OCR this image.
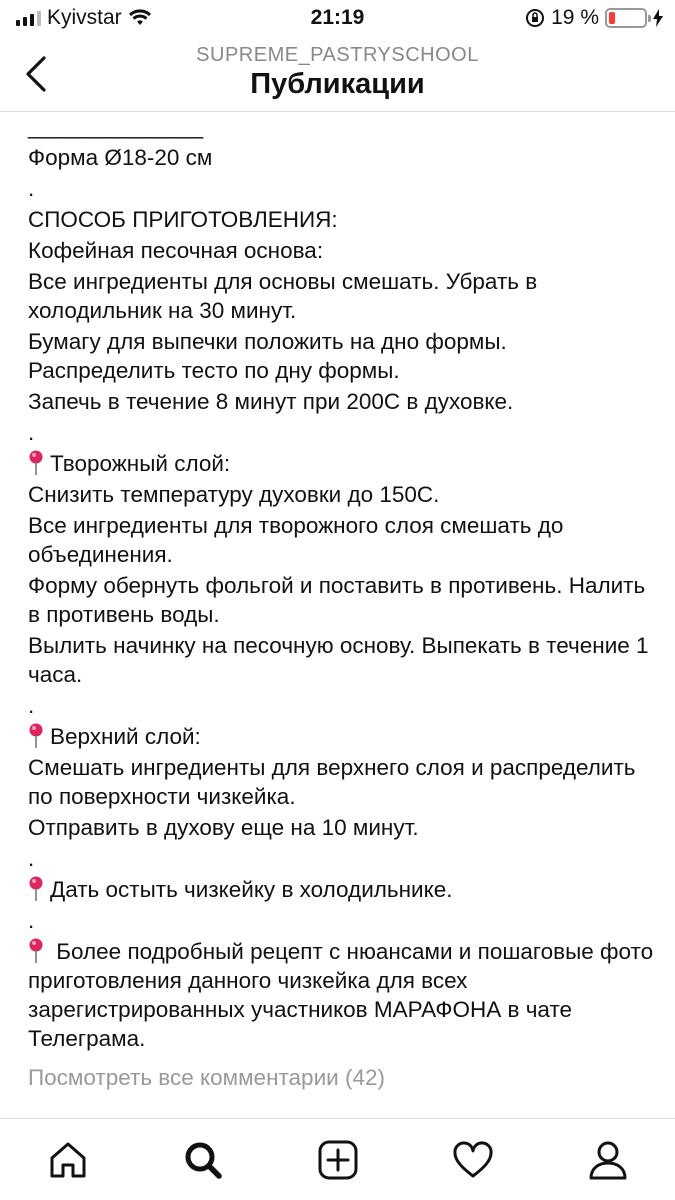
Kyivstar	21:19	19 %
SUPREME_PASTRYSCHOOL
Публикации

______________

Форма Ø18-20 см

.

СПОСОБ ПРИГОТОВЛЕНИЯ:

Кофейная песочная основа:

Все ингредиенты для основы смешать. Убрать в холодильник на 30 минут.

Бумагу для выпечки положить на дно формы. Распределить тесто по дну формы.

Запечь в течение 8 минут при 200С в духовке.

.

Творожный слой:

Снизить температуру духовки до 150С.

Все ингредиенты для творожного слоя смешать до объединения.

Форму обернуть фольгой и поставить в противень. Налить в противень воды.

Вылить начинку на песочную основу. Выпекать в течение 1 часа.

.

Верхний слой:

Смешать ингредиенты для верхнего слоя и распределить по поверхности чизкейка.

Отправить в духову еще на 10 минут.

.

Дать остыть чизкейку в холодильнике.

.

Более подробный рецепт с нюансами и пошаговые фото приготовления данного чизкейка для всех зарегистрированных участников МАРАФОНА в чате Телеграма.

Посмотреть все комментарии (42)
